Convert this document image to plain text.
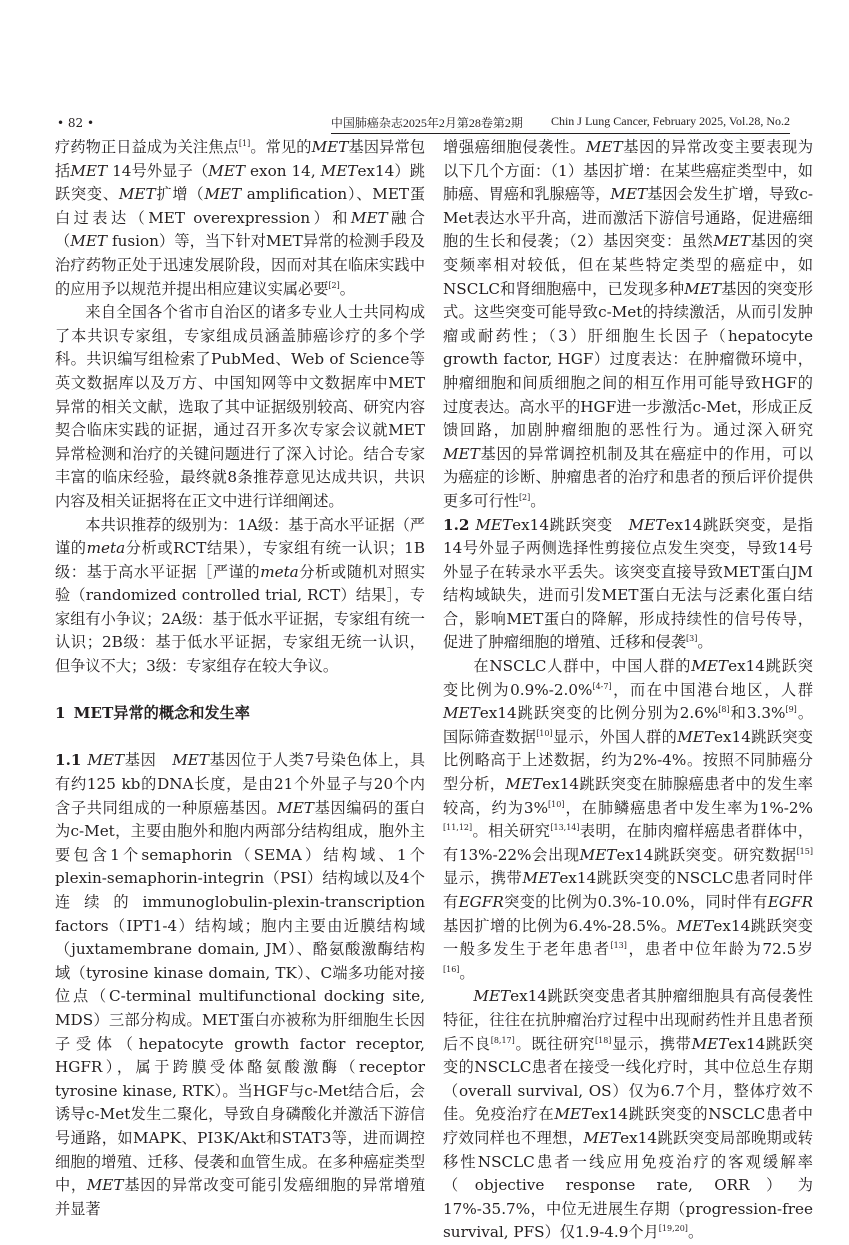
• 82 •	中国肺癌杂志2025年2月第28卷第2期 Chin J Lung Cancer, February 2025, Vol.28, No.2

疗药物正日益成为关注焦点[1]。常见的MET基因异常包括MET 14号外显子（MET exon 14, METex14）跳跃突变、MET扩增（MET amplification）、MET蛋白过表达（MET overexpression）和MET融合（MET fusion）等，当下针对MET异常的检测手段及治疗药物正处于迅速发展阶段，因而对其在临床实践中的应用予以规范并提出相应建议实属必要[2]。

来自全国各个省市自治区的诸多专业人士共同构成了本共识专家组，专家组成员涵盖肺癌诊疗的多个学科。共识编写组检索了PubMed、Web of Science等英文数据库以及万方、中国知网等中文数据库中MET异常的相关文献，选取了其中证据级别较高、研究内容契合临床实践的证据，通过召开多次专家会议就MET异常检测和治疗的关键问题进行了深入讨论。结合专家丰富的临床经验，最终就8条推荐意见达成共识，共识内容及相关证据将在正文中进行详细阐述。

本共识推荐的级别为：1A级：基于高水平证据（严谨的meta分析或RCT结果），专家组有统一认识；1B级：基于高水平证据［严谨的meta分析或随机对照实验（randomized controlled trial, RCT）结果］，专家组有小争议；2A级：基于低水平证据，专家组有统一认识；2B级：基于低水平证据，专家组无统一认识，但争议不大；3级：专家组存在较大争议。

1 MET异常的概念和发生率

1.1 MET基因　MET基因位于人类7号染色体上，具有约125 kb的DNA长度，是由21个外显子与20个内含子共同组成的一种原癌基因。MET基因编码的蛋白为c-Met，主要由胞外和胞内两部分结构组成，胞外主要包含1个semaphorin（SEMA）结构域、1个plexin-semaphorin-integrin（PSI）结构域以及4个连续的immunoglobulin-plexin-transcription factors（IPT1-4）结构域；胞内主要由近膜结构域（juxtamembrane domain, JM）、酪氨酸激酶结构域（tyrosine kinase domain, TK）、C端多功能对接位点（C-terminal multifunctional docking site, MDS）三部分构成。MET蛋白亦被称为肝细胞生长因子受体（hepatocyte growth factor receptor, HGFR），属于跨膜受体酪氨酸激酶（receptor tyrosine kinase, RTK）。当HGF与c-Met结合后，会诱导c-Met发生二聚化，导致自身磷酸化并激活下游信号通路，如MAPK、PI3K/Akt和STAT3等，进而调控细胞的增殖、迁移、侵袭和血管生成。在多种癌症类型中，MET基因的异常改变可能引发癌细胞的异常增殖并显著

增强癌细胞侵袭性。MET基因的异常改变主要表现为以下几个方面：（1）基因扩增：在某些癌症类型中，如肺癌、胃癌和乳腺癌等，MET基因会发生扩增，导致c-Met表达水平升高，进而激活下游信号通路，促进癌细胞的生长和侵袭；（2）基因突变：虽然MET基因的突变频率相对较低，但在某些特定类型的癌症中，如NSCLC和肾细胞癌中，已发现多种MET基因的突变形式。这些突变可能导致c-Met的持续激活，从而引发肿瘤或耐药性；（3）肝细胞生长因子（hepatocyte growth factor, HGF）过度表达：在肿瘤微环境中，肿瘤细胞和间质细胞之间的相互作用可能导致HGF的过度表达。高水平的HGF进一步激活c-Met，形成正反馈回路，加剧肿瘤细胞的恶性行为。通过深入研究MET基因的异常调控机制及其在癌症中的作用，可以为癌症的诊断、肿瘤患者的治疗和患者的预后评价提供更多可行性[2]。

1.2 METex14跳跃突变　METex14跳跃突变，是指14号外显子两侧选择性剪接位点发生突变，导致14号外显子在转录水平丢失。该突变直接导致MET蛋白JM结构域缺失，进而引发MET蛋白无法与泛素化蛋白结合，影响MET蛋白的降解，形成持续性的信号传导，促进了肿瘤细胞的增殖、迁移和侵袭[3]。

在NSCLC人群中，中国人群的METex14跳跃突变比例为0.9%-2.0%[4-7]，而在中国港台地区，人群METex14跳跃突变的比例分别为2.6%[8]和3.3%[9]。国际筛查数据[10]显示，外国人群的METex14跳跃突变比例略高于上述数据，约为2%-4%。按照不同肺癌分型分析，METex14跳跃突变在肺腺癌患者中的发生率较高，约为3%[10]，在肺鳞癌患者中发生率为1%-2%[11,12]。相关研究[13,14]表明，在肺肉瘤样癌患者群体中，有13%-22%会出现METex14跳跃突变。研究数据[15]显示，携带METex14跳跃突变的NSCLC患者同时伴有EGFR突变的比例为0.3%-10.0%，同时伴有EGFR基因扩增的比例为6.4%-28.5%。METex14跳跃突变一般多发生于老年患者[13]，患者中位年龄为72.5岁[16]。

METex14跳跃突变患者其肿瘤细胞具有高侵袭性特征，往往在抗肿瘤治疗过程中出现耐药性并且患者预后不良[8,17]。既往研究[18]显示，携带METex14跳跃突变的NSCLC患者在接受一线化疗时，其中位总生存期（overall survival, OS）仅为6.7个月，整体疗效不佳。免疫治疗在METex14跳跃突变的NSCLC患者中疗效同样也不理想，METex14跳跃突变局部晚期或转移性NSCLC患者一线应用免疫治疗的客观缓解率（objective response rate, ORR）为17%-35.7%，中位无进展生存期（progression-free survival, PFS）仅1.9-4.9个月[19,20]。
